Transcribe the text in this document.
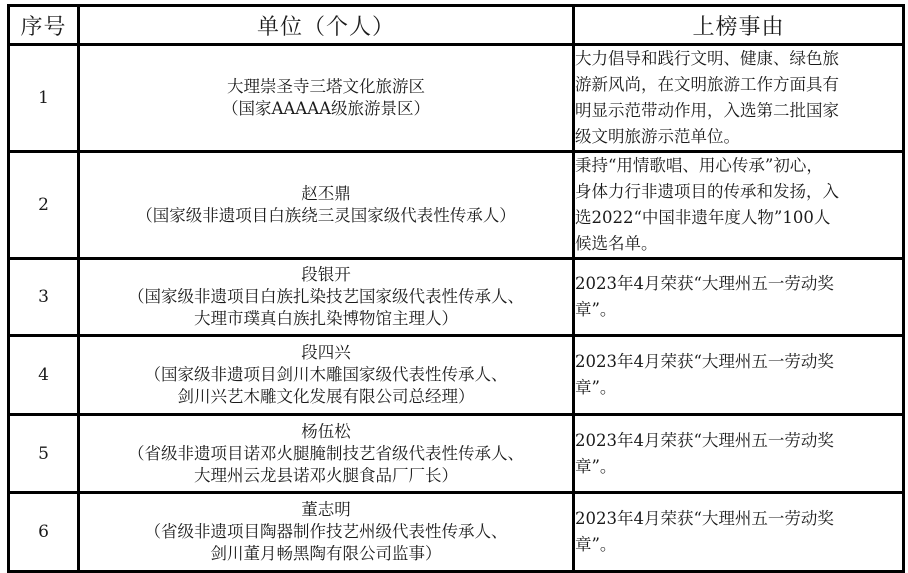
序号	单位（个人）	上榜事由
1	大理崇圣寺三塔文化旅游区
（国家AAAAA级旅游景区）	大力倡导和践行文明、健康、绿色旅
游新风尚，在文明旅游工作方面具有
明显示范带动作用，入选第二批国家
级文明旅游示范单位。

2	赵丕鼎
（国家级非遗项目白族绕三灵国家级代表性传承人）	秉持“用情歌唱、用心传承”初心，
身体力行非遗项目的传承和发扬，入
选2022“中国非遗年度人物”100人
候选名单。

3	段银开
（国家级非遗项目白族扎染技艺国家级代表性传承人、
大理市璞真白族扎染博物馆主理人）	2023年4月荣获“大理州五一劳动奖
章”。

4	段四兴
（国家级非遗项目剑川木雕国家级代表性传承人、
剑川兴艺木雕文化发展有限公司总经理）	2023年4月荣获“大理州五一劳动奖
章”。

5	杨伍松
（省级非遗项目诺邓火腿腌制技艺省级代表性传承人、
大理州云龙县诺邓火腿食品厂厂长）	2023年4月荣获“大理州五一劳动奖
章”。

6	董志明
（省级非遗项目陶器制作技艺州级代表性传承人、
剑川董月畅黑陶有限公司监事）	2023年4月荣获“大理州五一劳动奖
章”。
